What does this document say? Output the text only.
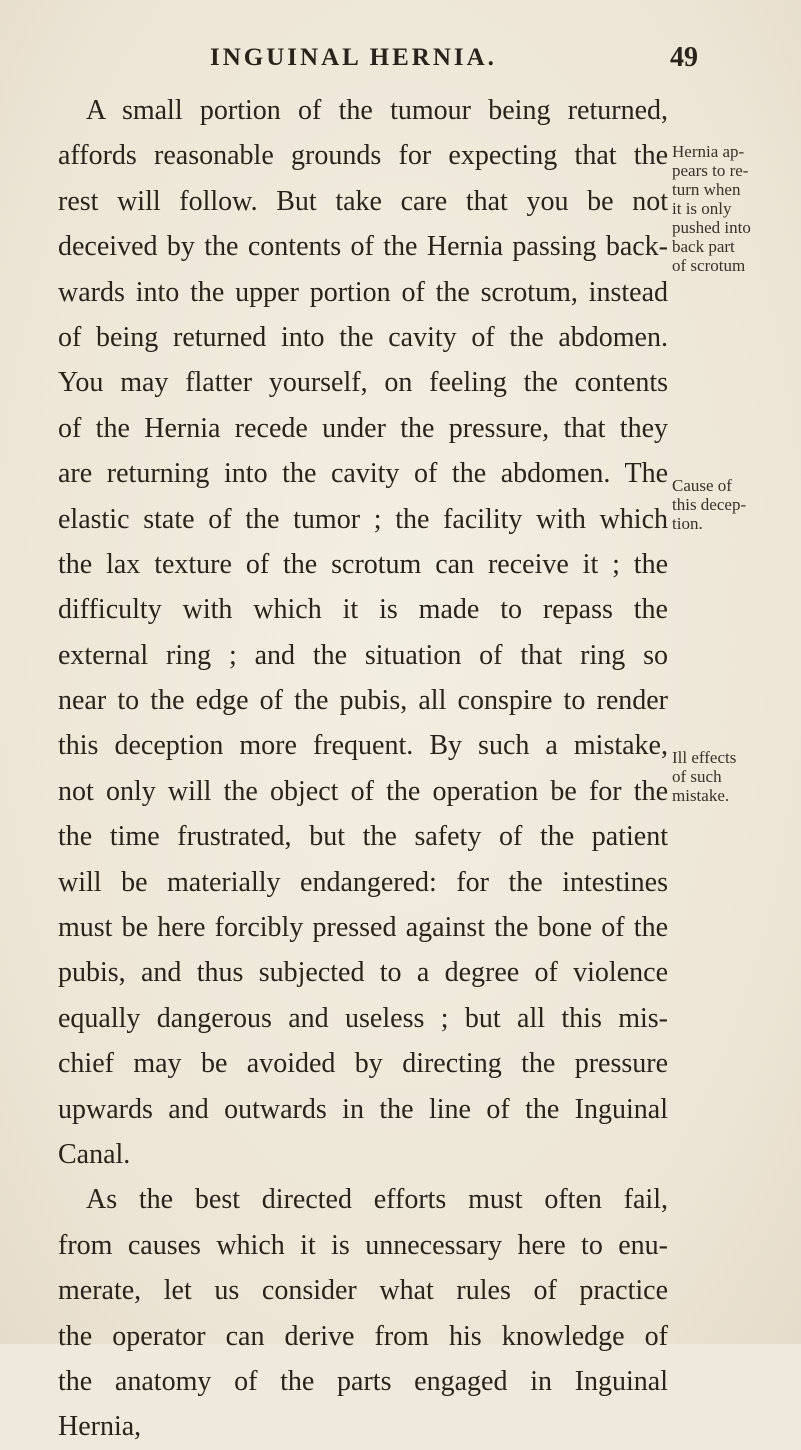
INGUINAL HERNIA.	49
A small portion of the tumour being returned,
affords reasonable grounds for expecting that the
rest will follow. But take care that you be not
deceived by the contents of the Hernia passing back-
wards into the upper portion of the scrotum, instead
of being returned into the cavity of the abdomen.
You may flatter yourself, on feeling the contents
of the Hernia recede under the pressure, that they
are returning into the cavity of the abdomen. The
elastic state of the tumor ; the facility with which
the lax texture of the scrotum can receive it ; the
difficulty with which it is made to repass the
external ring ; and the situation of that ring so
near to the edge of the pubis, all conspire to render
this deception more frequent. By such a mistake,
not only will the object of the operation be for the
the time frustrated, but the safety of the patient
will be materially endangered: for the intestines
must be here forcibly pressed against the bone of the
pubis, and thus subjected to a degree of violence
equally dangerous and useless ; but all this mis-
chief may be avoided by directing the pressure
upwards and outwards in the line of the Inguinal
Canal.
As the best directed efforts must often fail,
from causes which it is unnecessary here to enu-
merate, let us consider what rules of practice
the operator can derive from his knowledge of
the anatomy of the parts engaged in Inguinal
Hernia,
Hernia ap-
pears to re-
turn when
it is only
pushed into
back part
of scrotum
Cause of
this decep-
tion.
Ill effects
of such
mistake.
